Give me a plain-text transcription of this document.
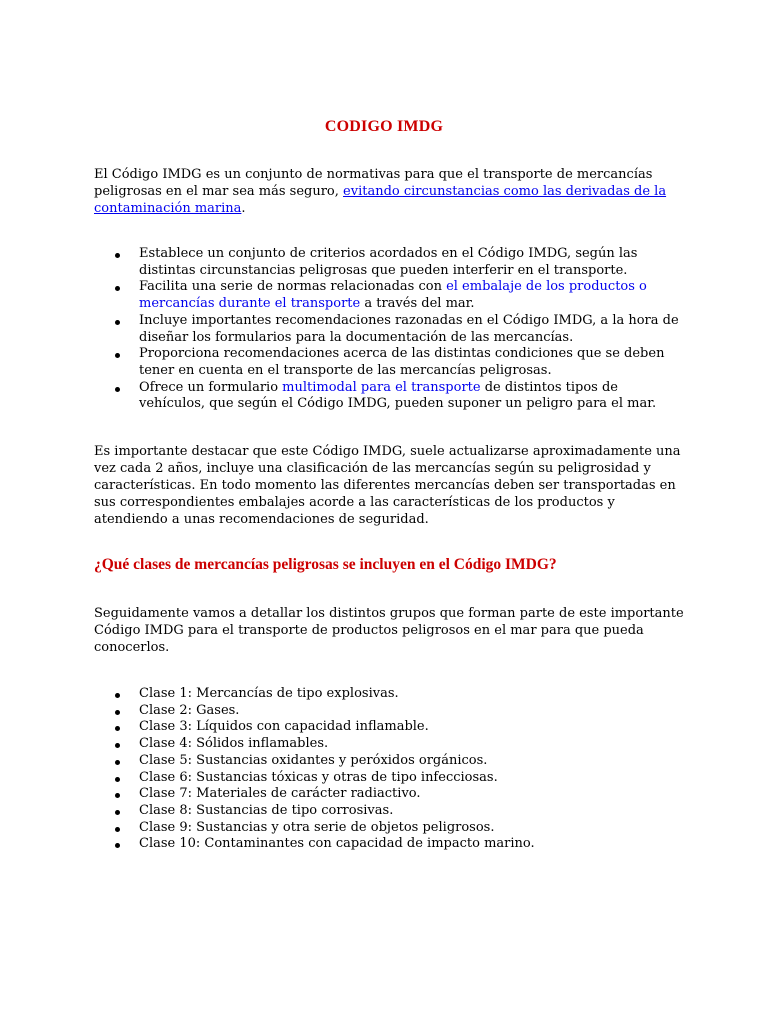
CODIGO IMDG

El Código IMDG es un conjunto de normativas para que el transporte de mercancías peligrosas en el mar sea más seguro, evitando circunstancias como las derivadas de la contaminación marina.

Establece un conjunto de criterios acordados en el Código IMDG, según las distintas circunstancias peligrosas que pueden interferir en el transporte.
Facilita una serie de normas relacionadas con el embalaje de los productos o mercancías durante el transporte a través del mar.
Incluye importantes recomendaciones razonadas en el Código IMDG, a la hora de diseñar los formularios para la documentación de las mercancías.
Proporciona recomendaciones acerca de las distintas condiciones que se deben tener en cuenta en el transporte de las mercancías peligrosas.
Ofrece un formulario multimodal para el transporte de distintos tipos de vehículos, que según el Código IMDG, pueden suponer un peligro para el mar.

Es importante destacar que este Código IMDG, suele actualizarse aproximadamente una vez cada 2 años, incluye una clasificación de las mercancías según su peligrosidad y características. En todo momento las diferentes mercancías deben ser transportadas en sus correspondientes embalajes acorde a las características de los productos y atendiendo a unas recomendaciones de seguridad.

¿Qué clases de mercancías peligrosas se incluyen en el Código IMDG?

Seguidamente vamos a detallar los distintos grupos que forman parte de este importante Código IMDG para el transporte de productos peligrosos en el mar para que pueda conocerlos.

Clase 1: Mercancías de tipo explosivas.
Clase 2: Gases.
Clase 3: Líquidos con capacidad inflamable.
Clase 4: Sólidos inflamables.
Clase 5: Sustancias oxidantes y peróxidos orgánicos.
Clase 6: Sustancias tóxicas y otras de tipo infecciosas.
Clase 7: Materiales de carácter radiactivo.
Clase 8: Sustancias de tipo corrosivas.
Clase 9: Sustancias y otra serie de objetos peligrosos.
Clase 10: Contaminantes con capacidad de impacto marino.
